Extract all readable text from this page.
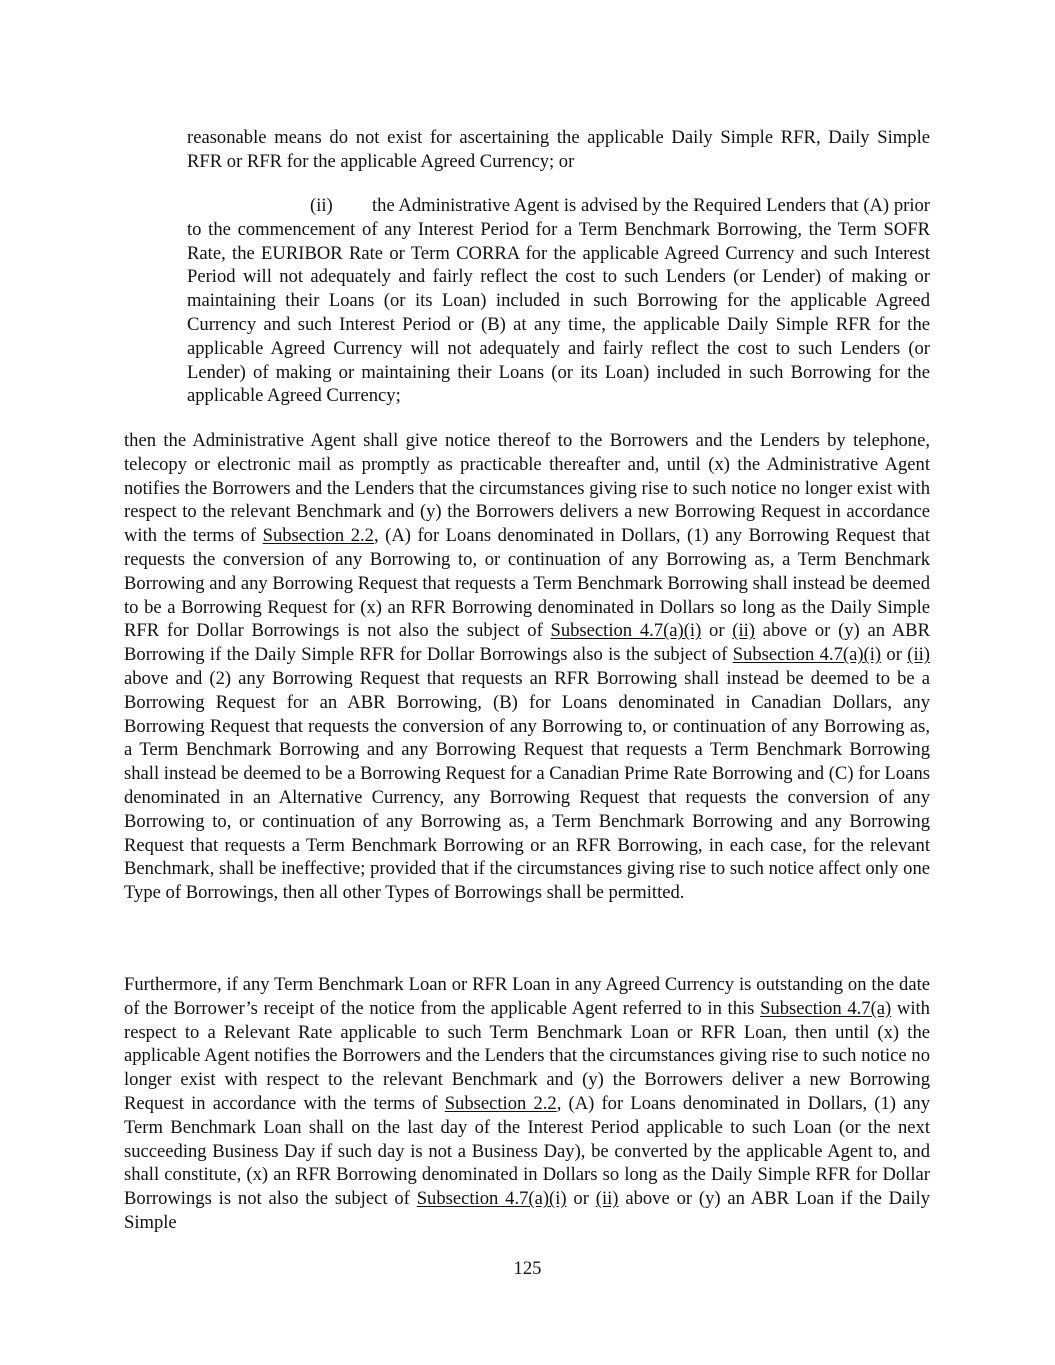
reasonable means do not exist for ascertaining the applicable Daily Simple RFR, Daily Simple RFR or RFR for the applicable Agreed Currency; or

(ii) the Administrative Agent is advised by the Required Lenders that (A) prior to the commencement of any Interest Period for a Term Benchmark Borrowing, the Term SOFR Rate, the EURIBOR Rate or Term CORRA for the applicable Agreed Currency and such Interest Period will not adequately and fairly reflect the cost to such Lenders (or Lender) of making or maintaining their Loans (or its Loan) included in such Borrowing for the applicable Agreed Currency and such Interest Period or (B) at any time, the applicable Daily Simple RFR for the applicable Agreed Currency will not adequately and fairly reflect the cost to such Lenders (or Lender) of making or maintaining their Loans (or its Loan) included in such Borrowing for the applicable Agreed Currency;

then the Administrative Agent shall give notice thereof to the Borrowers and the Lenders by telephone, telecopy or electronic mail as promptly as practicable thereafter and, until (x) the Administrative Agent notifies the Borrowers and the Lenders that the circumstances giving rise to such notice no longer exist with respect to the relevant Benchmark and (y) the Borrowers delivers a new Borrowing Request in accordance with the terms of Subsection 2.2, (A) for Loans denominated in Dollars, (1) any Borrowing Request that requests the conversion of any Borrowing to, or continuation of any Borrowing as, a Term Benchmark Borrowing and any Borrowing Request that requests a Term Benchmark Borrowing shall instead be deemed to be a Borrowing Request for (x) an RFR Borrowing denominated in Dollars so long as the Daily Simple RFR for Dollar Borrowings is not also the subject of Subsection 4.7(a)(i) or (ii) above or (y) an ABR Borrowing if the Daily Simple RFR for Dollar Borrowings also is the subject of Subsection 4.7(a)(i) or (ii) above and (2) any Borrowing Request that requests an RFR Borrowing shall instead be deemed to be a Borrowing Request for an ABR Borrowing, (B) for Loans denominated in Canadian Dollars, any Borrowing Request that requests the conversion of any Borrowing to, or continuation of any Borrowing as, a Term Benchmark Borrowing and any Borrowing Request that requests a Term Benchmark Borrowing shall instead be deemed to be a Borrowing Request for a Canadian Prime Rate Borrowing and (C) for Loans denominated in an Alternative Currency, any Borrowing Request that requests the conversion of any Borrowing to, or continuation of any Borrowing as, a Term Benchmark Borrowing and any Borrowing Request that requests a Term Benchmark Borrowing or an RFR Borrowing, in each case, for the relevant Benchmark, shall be ineffective; provided that if the circumstances giving rise to such notice affect only one Type of Borrowings, then all other Types of Borrowings shall be permitted.

Furthermore, if any Term Benchmark Loan or RFR Loan in any Agreed Currency is outstanding on the date of the Borrower’s receipt of the notice from the applicable Agent referred to in this Subsection 4.7(a) with respect to a Relevant Rate applicable to such Term Benchmark Loan or RFR Loan, then until (x) the applicable Agent notifies the Borrowers and the Lenders that the circumstances giving rise to such notice no longer exist with respect to the relevant Benchmark and (y) the Borrowers deliver a new Borrowing Request in accordance with the terms of Subsection 2.2, (A) for Loans denominated in Dollars, (1) any Term Benchmark Loan shall on the last day of the Interest Period applicable to such Loan (or the next succeeding Business Day if such day is not a Business Day), be converted by the applicable Agent to, and shall constitute, (x) an RFR Borrowing denominated in Dollars so long as the Daily Simple RFR for Dollar Borrowings is not also the subject of Subsection 4.7(a)(i) or (ii) above or (y) an ABR Loan if the Daily Simple

125
